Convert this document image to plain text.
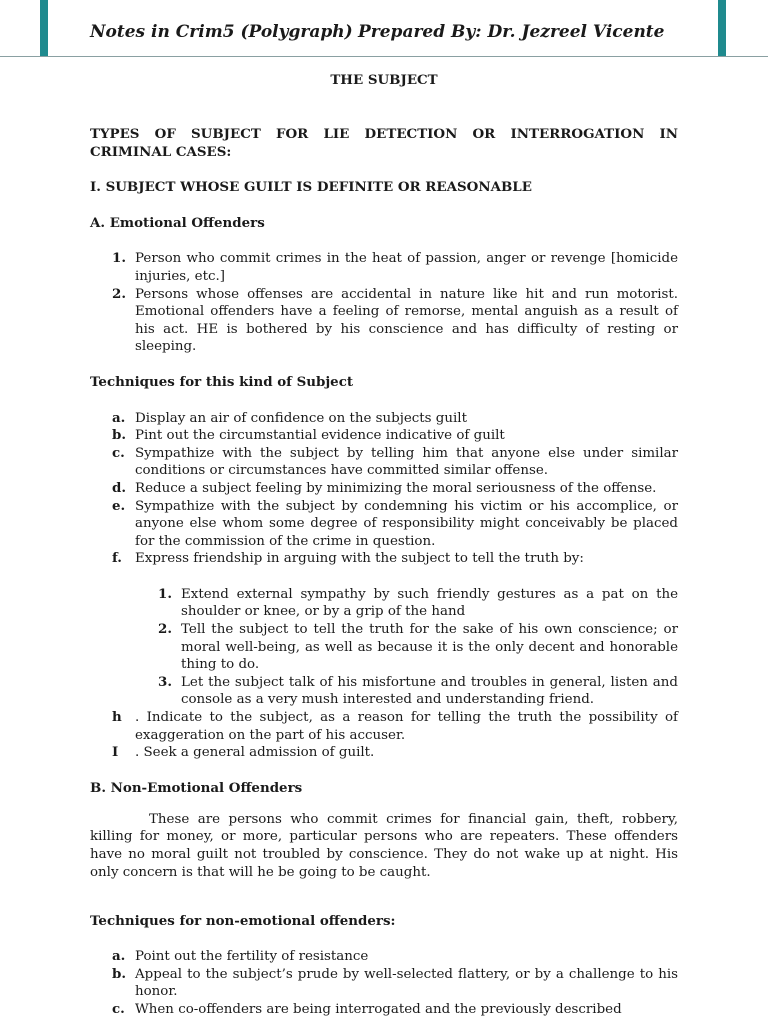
Notes in Crim5 (Polygraph) Prepared By: Dr. Jezreel Vicente

THE SUBJECT

TYPES OF SUBJECT FOR LIE DETECTION OR INTERROGATION IN CRIMINAL CASES:

I. SUBJECT WHOSE GUILT IS DEFINITE OR REASONABLE

A. Emotional Offenders

1. Person who commit crimes in the heat of passion, anger or revenge [homicide injuries, etc.]
2. Persons whose offenses are accidental in nature like hit and run motorist. Emotional offenders have a feeling of remorse, mental anguish as a result of his act. HE is bothered by his conscience and has difficulty of resting or sleeping.

Techniques for this kind of Subject

a. Display an air of confidence on the subjects guilt
b. Pint out the circumstantial evidence indicative of guilt
c. Sympathize with the subject by telling him that anyone else under similar conditions or circumstances have committed similar offense.
d. Reduce a subject feeling by minimizing the moral seriousness of the offense.
e. Sympathize with the subject by condemning his victim or his accomplice, or anyone else whom some degree of responsibility might conceivably be placed for the commission of the crime in question.
f. Express friendship in arguing with the subject to tell the truth by:
1. Extend external sympathy by such friendly gestures as a pat on the shoulder or knee, or by a grip of the hand
2. Tell the subject to tell the truth for the sake of his own conscience; or moral well-being, as well as because it is the only decent and honorable thing to do.
3. Let the subject talk of his misfortune and troubles in general, listen and console as a very mush interested and understanding friend.
h . Indicate to the subject, as a reason for telling the truth the possibility of exaggeration on the part of his accuser.
I . Seek a general admission of guilt.

B. Non-Emotional Offenders

These are persons who commit crimes for financial gain, theft, robbery, killing for money, or more, particular persons who are repeaters. These offenders have no moral guilt not troubled by conscience. They do not wake up at night. His only concern is that will he be going to be caught.

Techniques for non-emotional offenders:

a. Point out the fertility of resistance
b. Appeal to the subject’s prude by well-selected flattery, or by a challenge to his honor.
c. When co-offenders are being interrogated and the previously described
